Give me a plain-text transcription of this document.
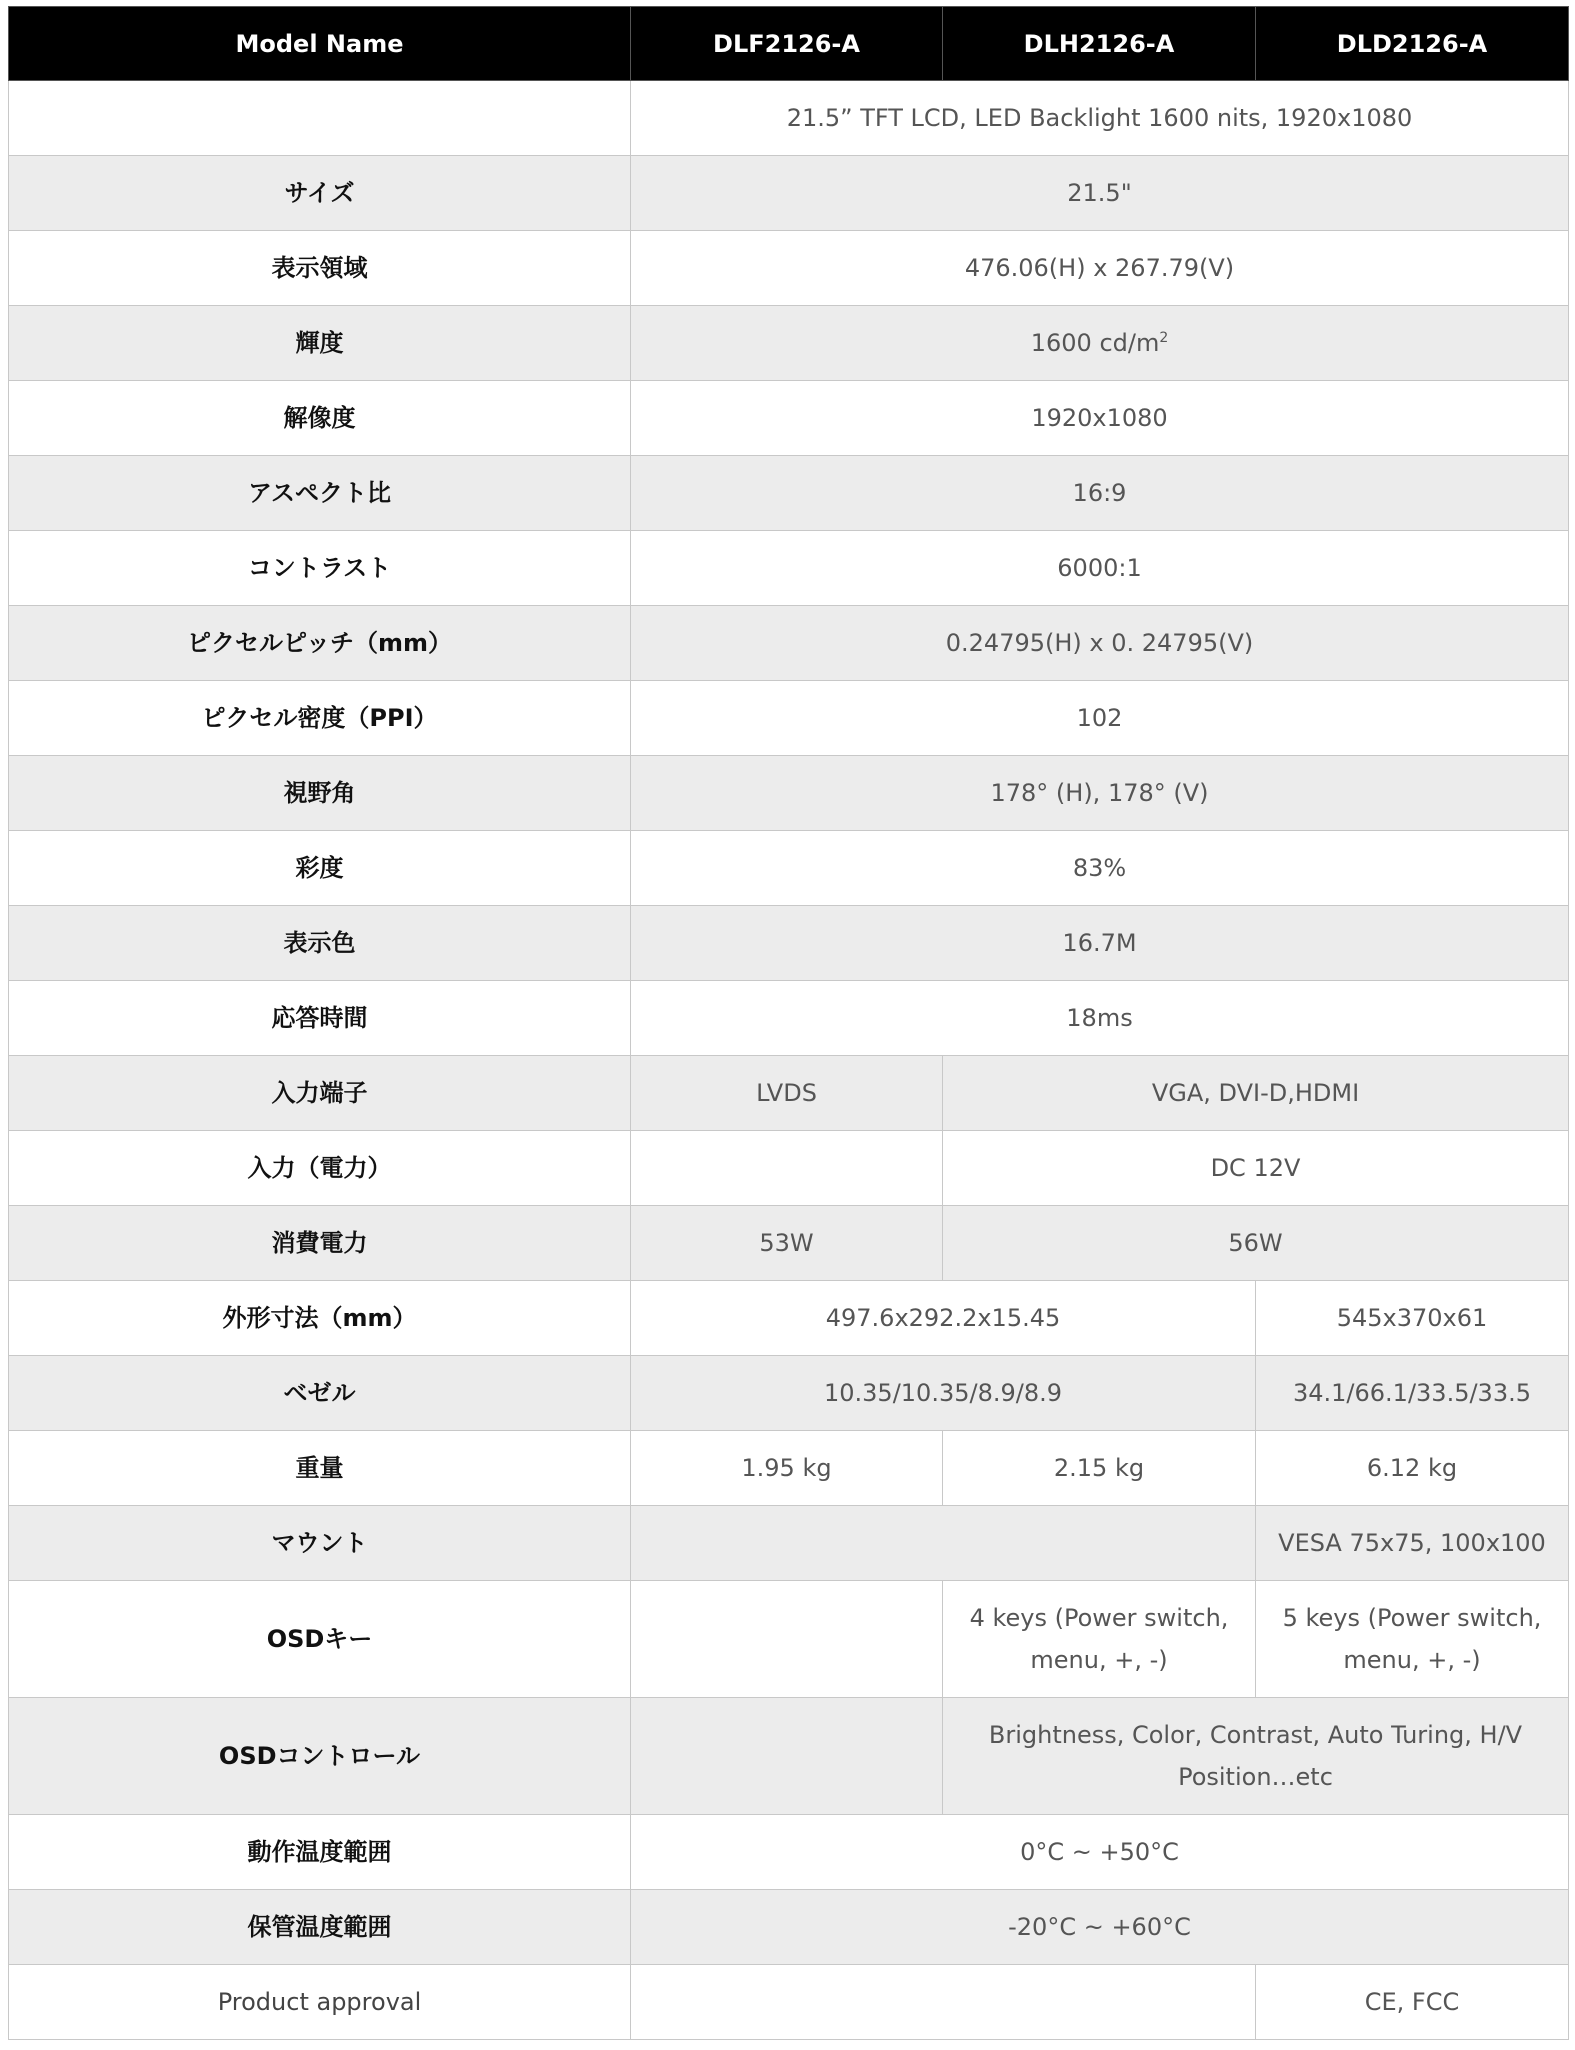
Model Name	DLF2126-A	DLH2126-A	DLD2126-A
	21.5” TFT LCD, LED Backlight 1600 nits, 1920x1080		
サイズ	21.5"		
表示領域	476.06(H) x 267.79(V)		
輝度	1600 $cd/m^2$
解像度	1920x1080		
アスペクト比	16:9		
コントラスト	6000:1		
ピクセルピッチ（mm）	0.24795(H) x 0. 24795(V)		
ピクセル密度（PPI）	102		
視野角	178° (H), 178° (V)		
彩度	83%		
表示色	16.7M		
応答時間	18ms		
入力端子	LVDS	VGA, DVI-D,HDMI	
入力（電力）		DC 12V	
消費電力	53W	56W	
外形寸法（mm）	497.6x292.2x15.45		545x370x61
ベゼル	10.35/10.35/8.9/8.9		34.1/66.1/33.5/33.5
重量	1.95 kg	2.15 kg	6.12 kg
マウント			VESA 75x75, 100x100
OSDキー		4 keys (Power switch, menu, +, -)	5 keys (Power switch, menu, +, -)
OSDコントロール		Brightness, Color, Contrast, Auto Turing, H/V Position…etc	
動作温度範囲	0°C ~ +50°C		
保管温度範囲	-20°C ~ +60°C		
Product approval			CE, FCC
